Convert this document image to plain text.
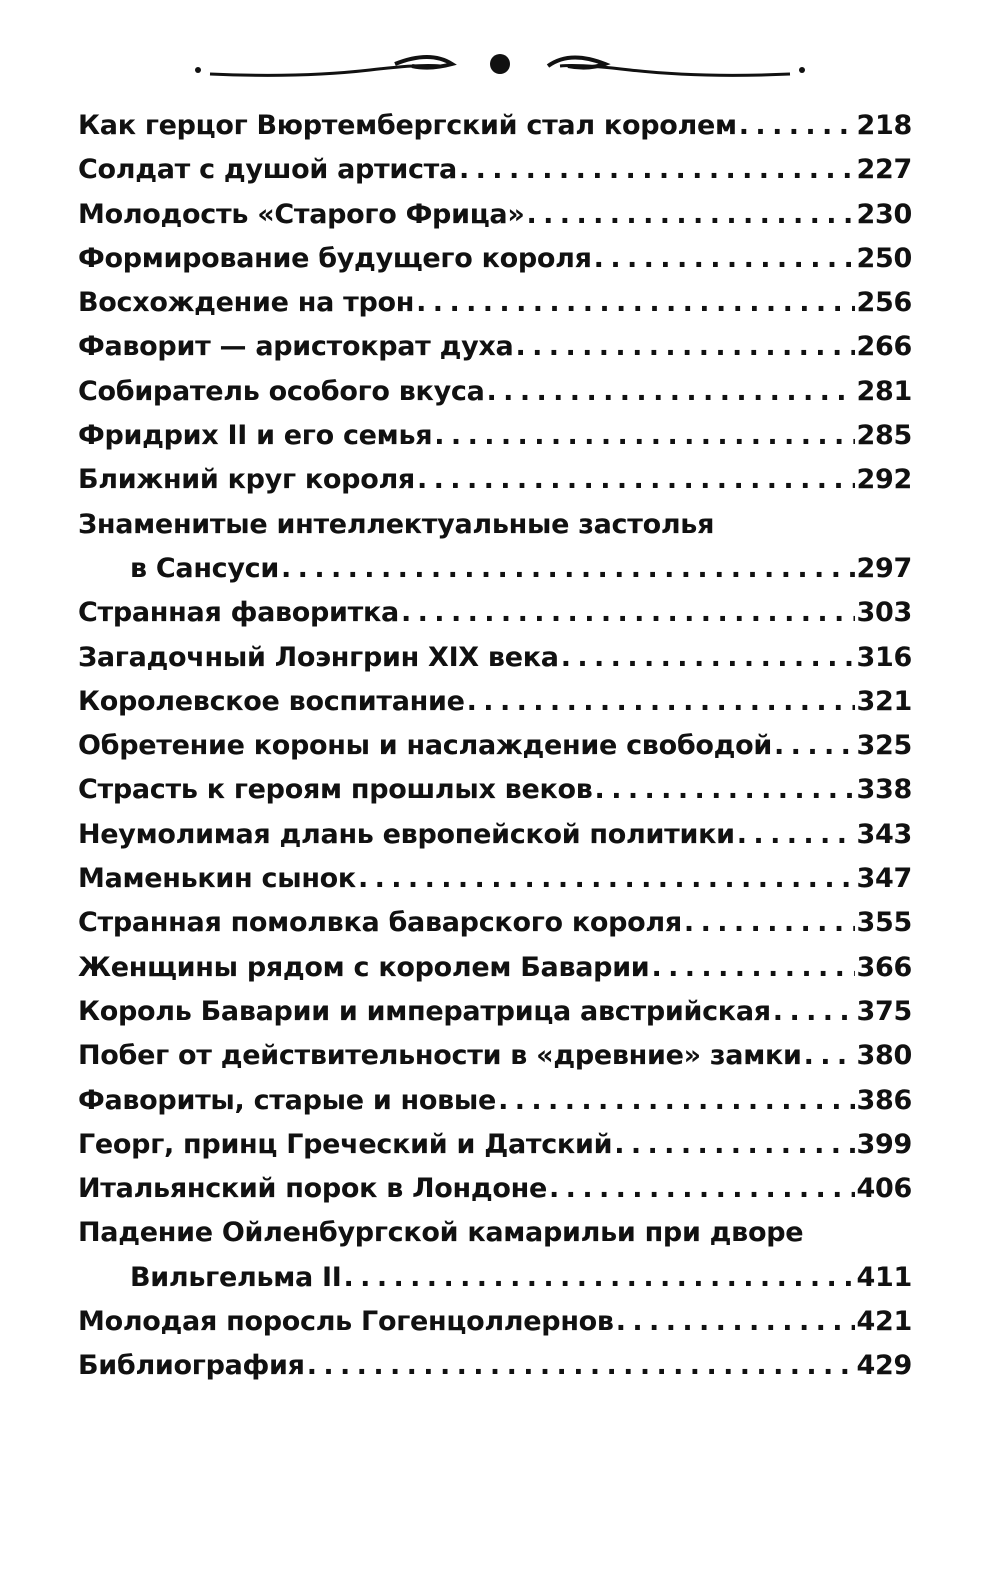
Как герцог Вюртембергский стал королем . . .	218
Солдат с душой артиста . . .	227
Молодость «Старого Фрица» . . .	230
Формирование будущего короля . . .	250
Восхождение на трон . . .	256
Фаворит — аристократ духа . . .	266
Собиратель особого вкуса . . .	281
Фридрих II и его семья . . .	285
Ближний круг короля . . .	292
Знаменитые интеллектуальные застолья
в Сансуси . . .	297
Странная фаворитка . . .	303
Загадочный Лоэнгрин XIX века . . .	316
Королевское воспитание . . .	321
Обретение короны и наслаждение свободой . . .	325
Страсть к героям прошлых веков . . .	338
Неумолимая длань европейской политики . . .	343
Маменькин сынок . . .	347
Странная помолвка баварского короля . . .	355
Женщины рядом с королем Баварии . . .	366
Король Баварии и императрица австрийская . . .	375
Побег от действительности в «древние» замки . . . 380
Фавориты, старые и новые . . .	386
Георг, принц Греческий и Датский . . .	399
Итальянский порок в Лондоне . . .	406
Падение Ойленбургской камарильи при дворе
Вильгельма II . . .	411
Молодая поросль Гогенцоллернов . . .	421
Библиография . . .	429
